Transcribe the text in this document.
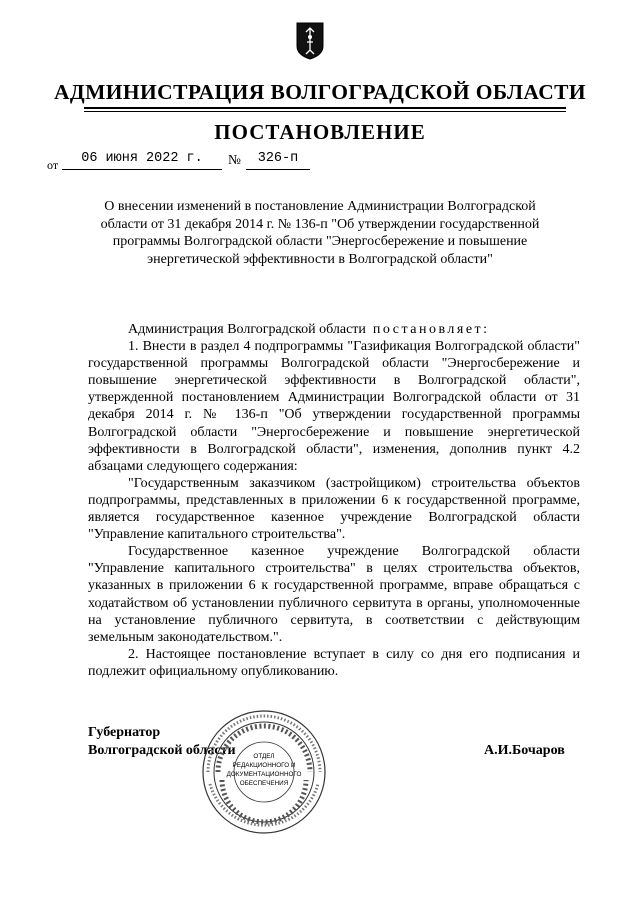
АДМИНИСТРАЦИЯ ВОЛГОГРАДСКОЙ ОБЛАСТИ
ПОСТАНОВЛЕНИЕ
от	06 июня 2022 г.	№	326-п
О внесении изменений в постановление Администрации Волгоградской области от 31 декабря 2014 г. № 136-п "Об утверждении государственной программы Волгоградской области "Энергосбережение и повышение энергетической эффективности в Волгоградской области"

Администрация Волгоградской области постановляет:

1. Внести в раздел 4 подпрограммы "Газификация Волгоградской области" государственной программы Волгоградской области "Энергосбережение и повышение энергетической эффективности в Волгоградской области", утвержденной постановлением Администрации Волгоградской области от 31 декабря 2014 г. № 136-п "Об утверждении государственной программы Волгоградской области "Энергосбережение и повышение энергетической эффективности в Волгоградской области", изменения, дополнив пункт 4.2 абзацами следующего содержания:

"Государственным заказчиком (застройщиком) строительства объектов подпрограммы, представленных в приложении 6 к государственной программе, является государственное казенное учреждение Волгоградской области "Управление капитального строительства".

Государственное казенное учреждение Волгоградской области "Управление капитального строительства" в целях строительства объектов, указанных в приложении 6 к государственной программе, вправе обращаться с ходатайством об установлении публичного сервитута в органы, уполномоченные на установление публичного сервитута, в соответствии с действующим земельным законодательством.".

2. Настоящее постановление вступает в силу со дня его подписания и подлежит официальному опубликованию.

Губернатор
Волгоградской области	ОТДЕЛ
РЕДАКЦИОННОГО И
ДОКУМЕНТАЦИОННОГО
ОБЕСПЕЧЕНИЯ
А.И.Бочаров
